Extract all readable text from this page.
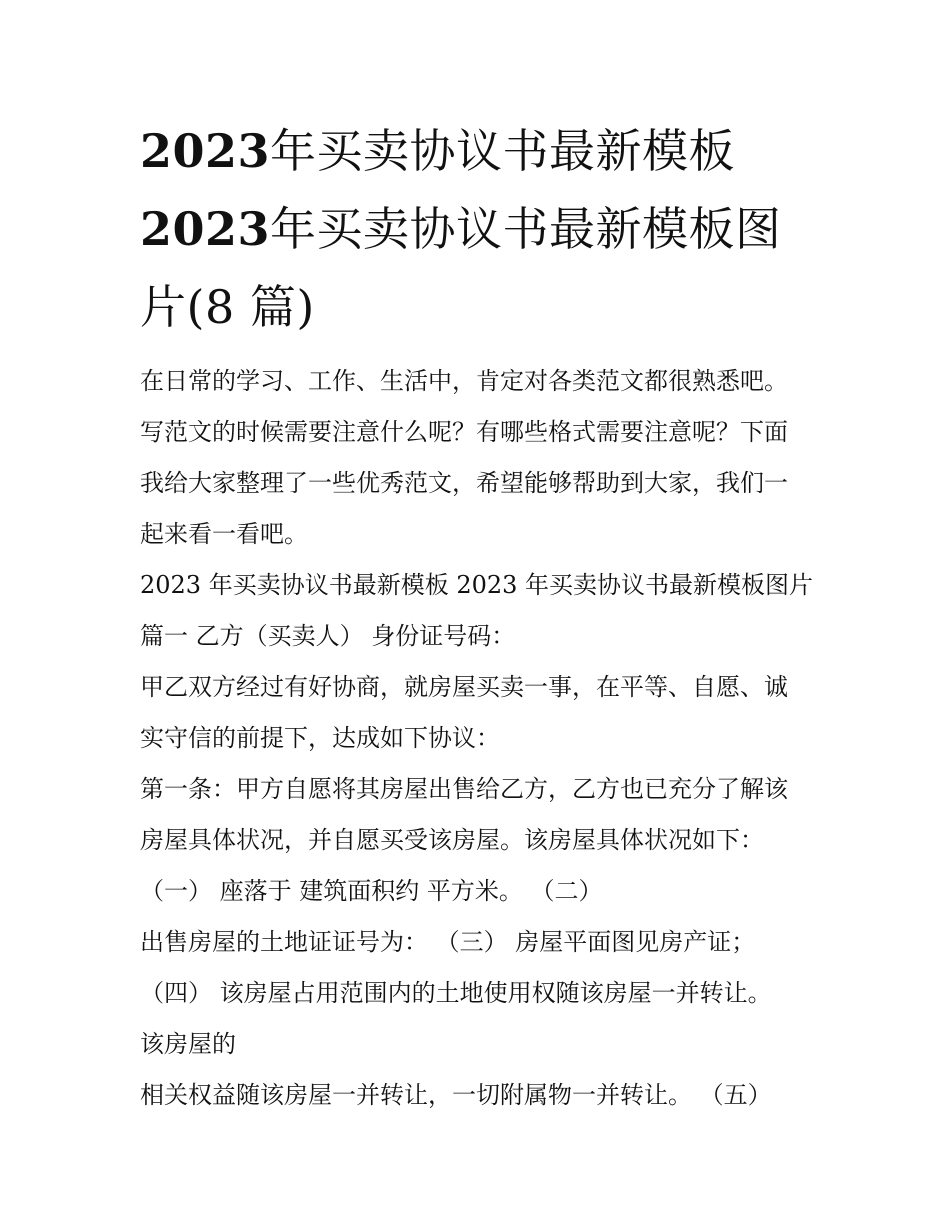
2023年买卖协议书最新模板
2023年买卖协议书最新模板图
片(8 篇)

在日常的学习、工作、生活中，肯定对各类范文都很熟悉吧。

写范文的时候需要注意什么呢？有哪些格式需要注意呢？下面

我给大家整理了一些优秀范文，希望能够帮助到大家，我们一

起来看一看吧。

2023 年买卖协议书最新模板 2023 年买卖协议书最新模板图片

篇一 乙方（买卖人） 身份证号码：

甲乙双方经过有好协商，就房屋买卖一事，在平等、自愿、诚

实守信的前提下，达成如下协议：

第一条：甲方自愿将其房屋出售给乙方，乙方也已充分了解该

房屋具体状况，并自愿买受该房屋。该房屋具体状况如下：

（一） 座落于 建筑面积约 平方米。 （二）

出售房屋的土地证证号为： （三） 房屋平面图见房产证；

（四） 该房屋占用范围内的土地使用权随该房屋一并转让。

该房屋的

相关权益随该房屋一并转让，一切附属物一并转让。 （五）
